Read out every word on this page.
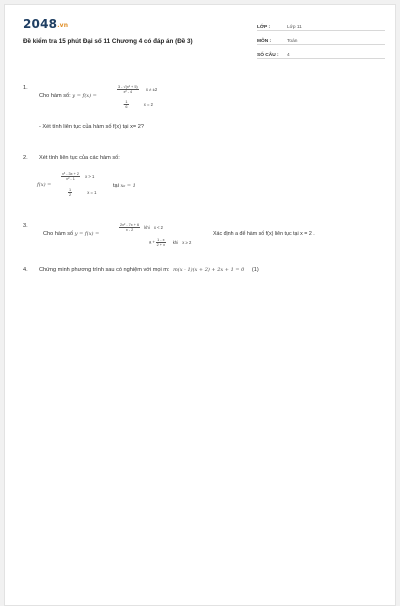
2048.vn
Đề kiểm tra 15 phút Đại số 11 Chương 4 có đáp án (Đề 3)
LỚP :	Lớp 11
MÔN :	Toán
SỐ CÂU :	4
1.
Cho hàm số: y = f(x) =
$\frac{\text{3 - √(x² + 5)}}{\text{x² - 4}}$ x ≠ ±2
- $\frac{1}{6}$	x = 2
- Xét tính liên tục của hàm số f(x) tại x= 2?
2. Xét tính liên tục của các hàm số:
f(x) =
$\frac{\text{x³ - 3x + 2}}{\text{x² - 1}}$ x > 1
$\frac{1}{2}$	x = 1
tại x₀ = 1
3.
Cho hàm số y = f(x) =
$\frac{\text{2x² - 7x + 6}}{x - 2}$ khi x < 2
$a + \frac{1 - x}{2 + x}$ khi x ≥ 2
Xác định a để hàm số f(x) liên tục tại x = 2 .
4. Chứng minh phương trình sau có nghiệm với mọi m: m(x - 1)(x + 2) + 2x + 1 = 0 (1)
